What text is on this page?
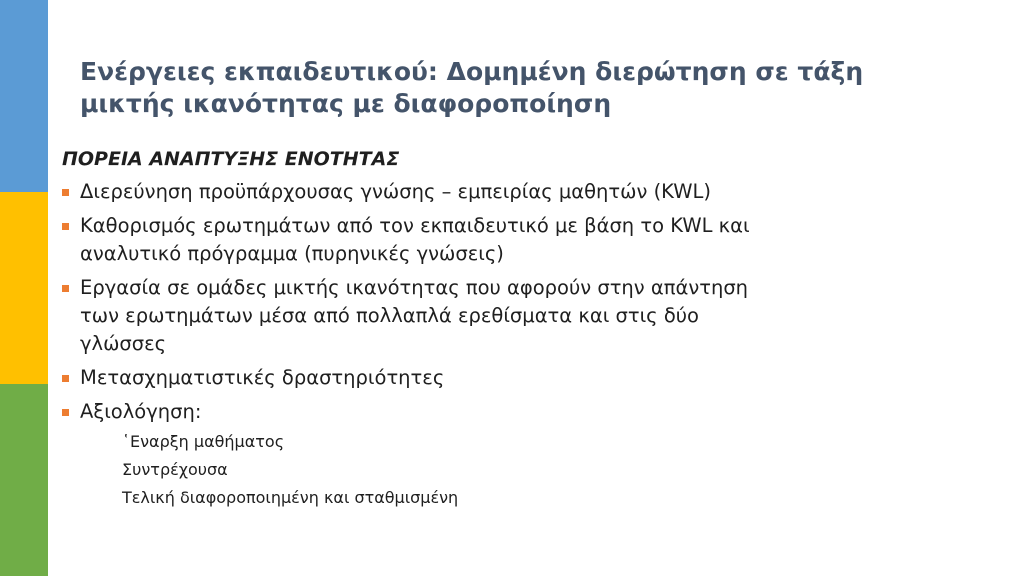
Ενέργειες εκπαιδευτικού: Δομημένη διερώτηση σε τάξη
μικτής ικανότητας με διαφοροποίηση
ΠΟΡΕΙΑ ΑΝΑΠΤΥΞΗΣ ΕΝΟΤΗΤΑΣ
Διερεύνηση προϋπάρχουσας γνώσης – εμπειρίας μαθητών (KWL)
Καθορισμός ερωτημάτων από τον εκπαιδευτικό με βάση το KWL και
αναλυτικό πρόγραμμα (πυρηνικές γνώσεις)
Εργασία σε ομάδες μικτής ικανότητας που αφορούν στην απάντηση
των ερωτημάτων μέσα από πολλαπλά ερεθίσματα και στις δύο
γλώσσες
Μετασχηματιστικές δραστηριότητες
Αξιολόγηση:
῾Εναρξη μαθήματος
Συντρέχουσα
Τελική διαφοροποιημένη και σταθμισμένη
